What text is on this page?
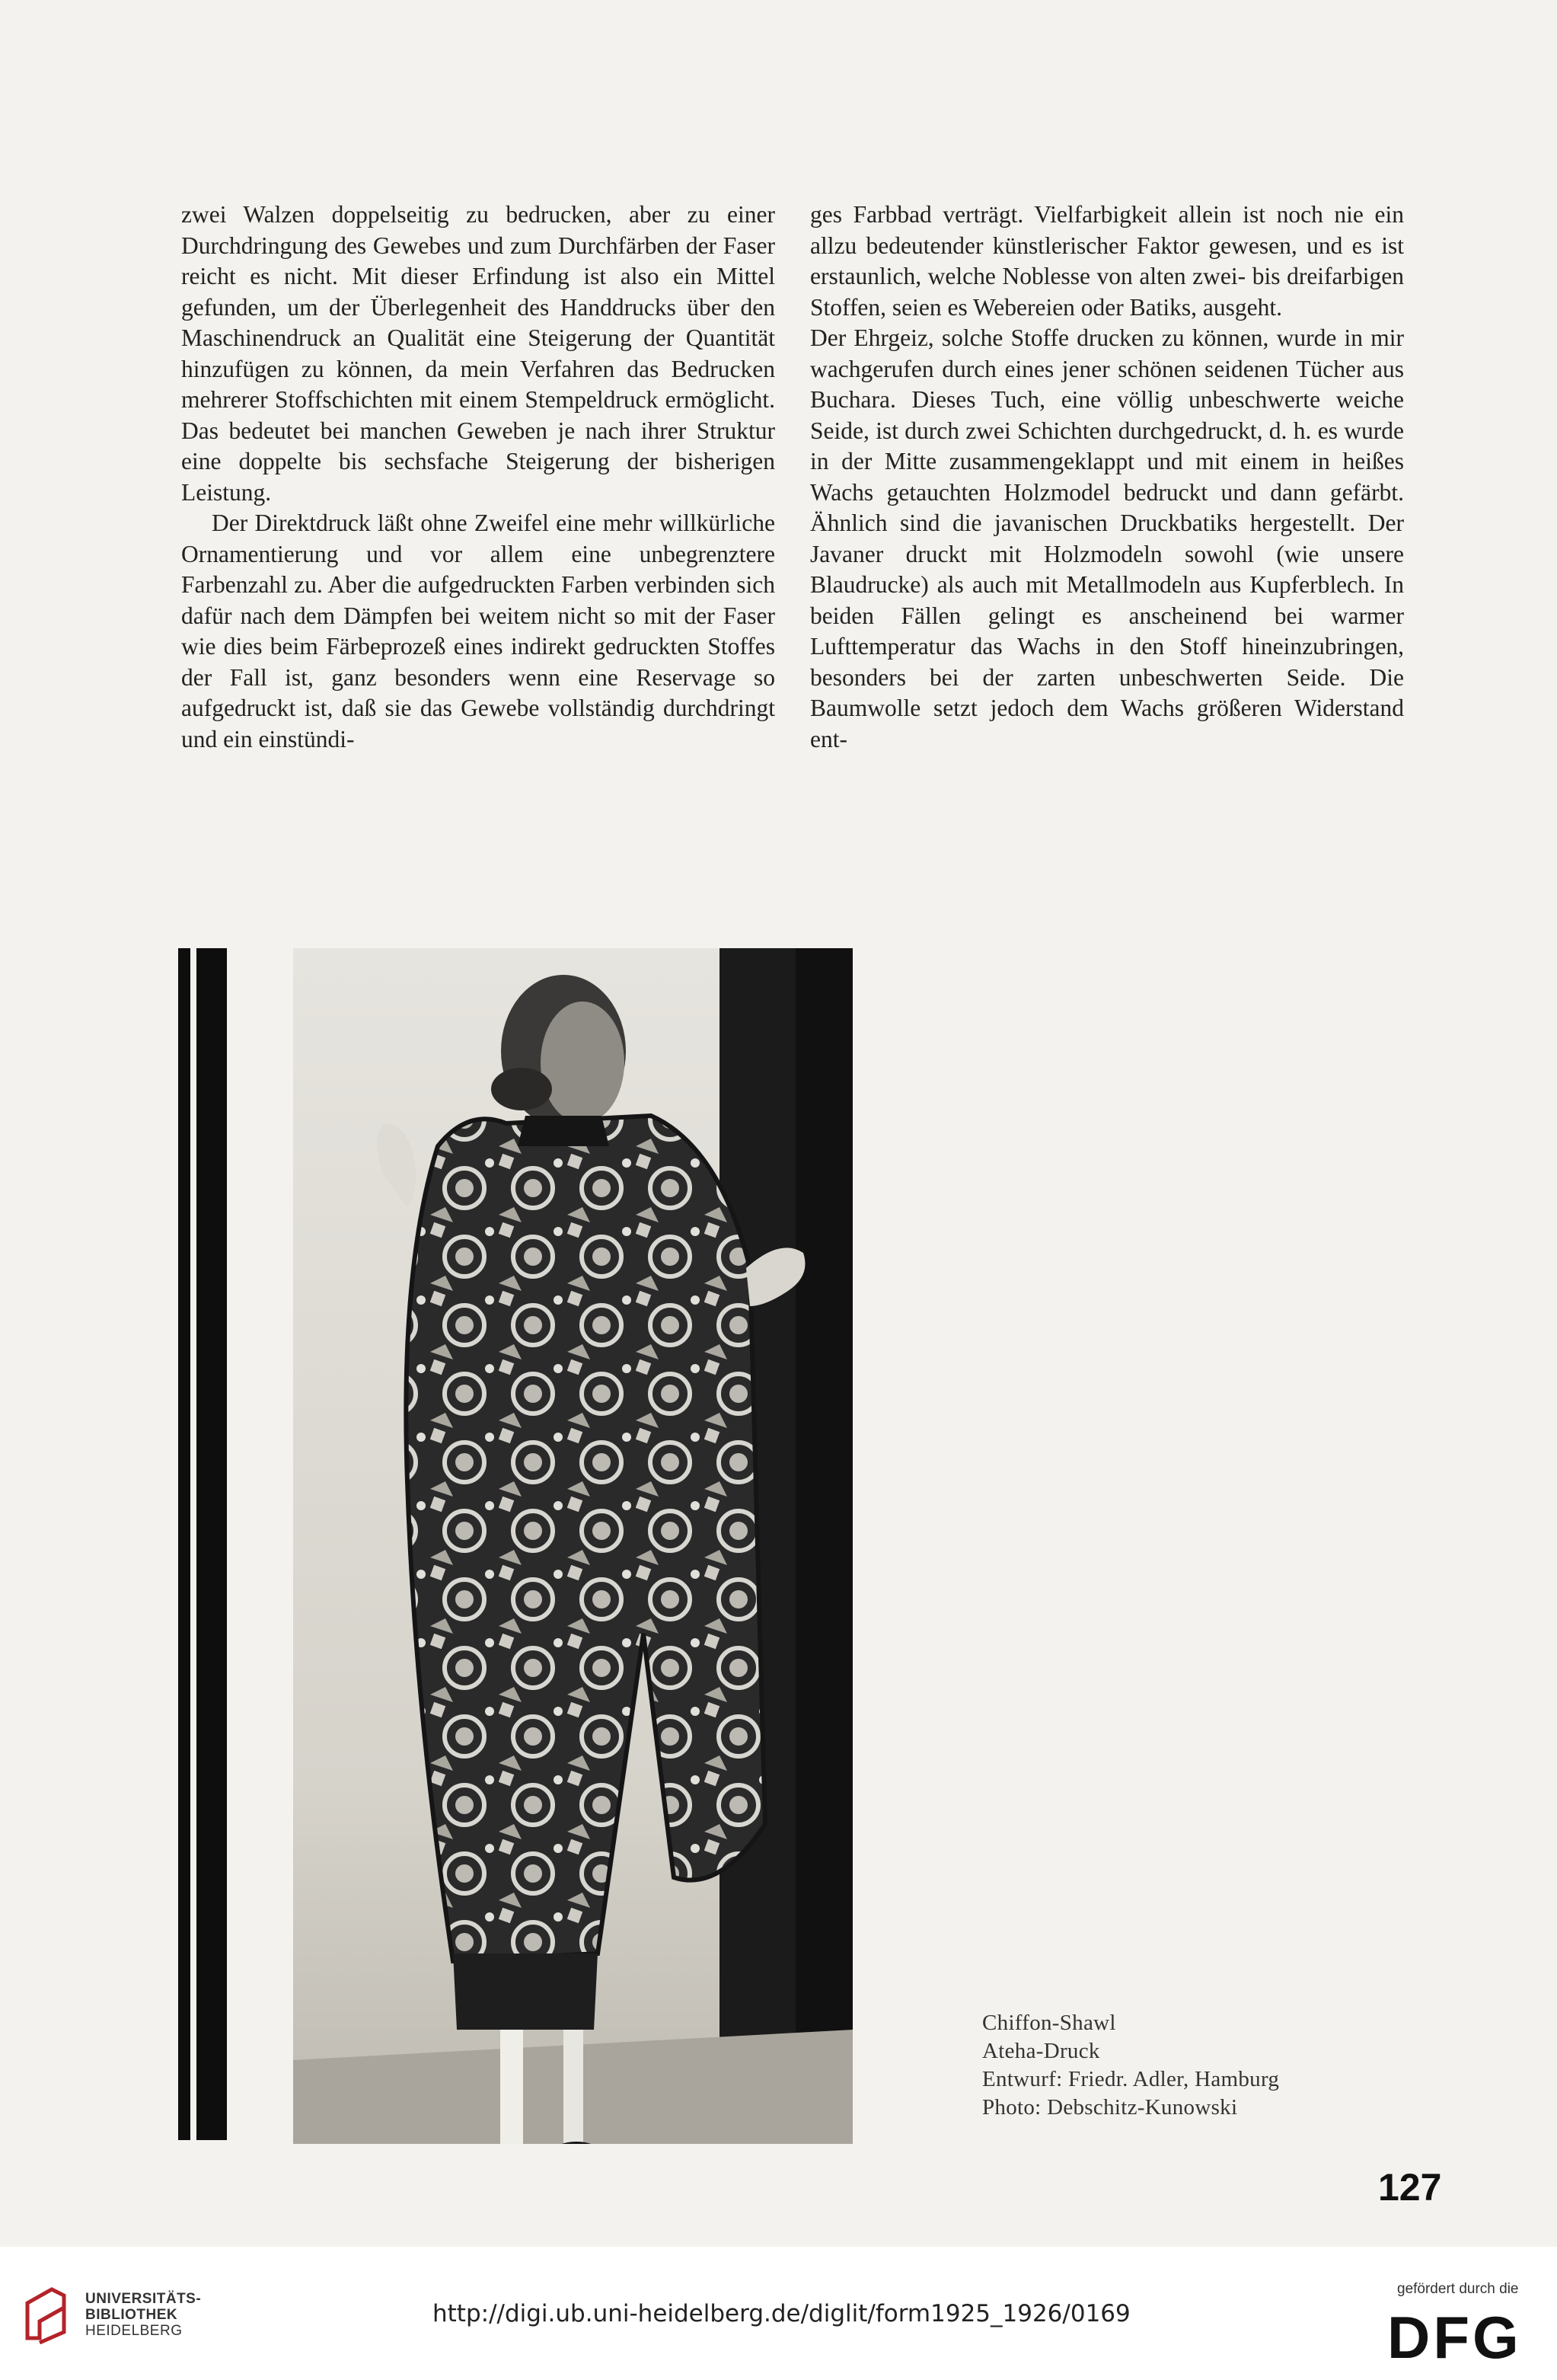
zwei Walzen doppelseitig zu bedrucken, aber zu einer Durchdringung des Gewebes und zum Durchfärben der Faser reicht es nicht. Mit dieser Erfindung ist also ein Mittel gefunden, um der Überlegenheit des Handdrucks über den Maschinendruck an Qualität eine Steigerung der Quantität hinzufügen zu können, da mein Verfahren das Bedrucken mehrerer Stoffschichten mit einem Stempeldruck ermöglicht. Das bedeutet bei manchen Geweben je nach ihrer Struktur eine doppelte bis sechsfache Steigerung der bisherigen Leistung.

Der Direktdruck läßt ohne Zweifel eine mehr willkürliche Ornamentierung und vor allem eine unbegrenztere Farbenzahl zu. Aber die aufgedruckten Farben verbinden sich dafür nach dem Dämpfen bei weitem nicht so mit der Faser wie dies beim Färbeprozeß eines indirekt gedruckten Stoffes der Fall ist, ganz besonders wenn eine Reservage so aufgedruckt ist, daß sie das Gewebe vollständig durchdringt und ein einstündi-

ges Farbbad verträgt. Vielfarbigkeit allein ist noch nie ein allzu bedeutender künstlerischer Faktor gewesen, und es ist erstaunlich, welche Noblesse von alten zwei- bis dreifarbigen Stoffen, seien es Webereien oder Batiks, ausgeht.

Der Ehrgeiz, solche Stoffe drucken zu können, wurde in mir wachgerufen durch eines jener schönen seidenen Tücher aus Buchara. Dieses Tuch, eine völlig unbeschwerte weiche Seide, ist durch zwei Schichten durchgedruckt, d. h. es wurde in der Mitte zusammengeklappt und mit einem in heißes Wachs getauchten Holzmodel bedruckt und dann gefärbt. Ähnlich sind die javanischen Druckbatiks hergestellt. Der Javaner druckt mit Holzmodeln sowohl (wie unsere Blaudrucke) als auch mit Metallmodeln aus Kupferblech. In beiden Fällen gelingt es anscheinend bei warmer Lufttemperatur das Wachs in den Stoff hineinzubringen, besonders bei der zarten unbeschwerten Seide. Die Baumwolle setzt jedoch dem Wachs größeren Widerstand ent-

Chiffon-Shawl
Ateha-Druck
Entwurf: Friedr. Adler, Hamburg
Photo: Debschitz-Kunowski
127
UNIVERSITÄTS-
BIBLIOTHEK
HEIDELBERG
http://digi.ub.uni-heidelberg.de/diglit/form1925_1926/0169
gefördert durch die
DFG
